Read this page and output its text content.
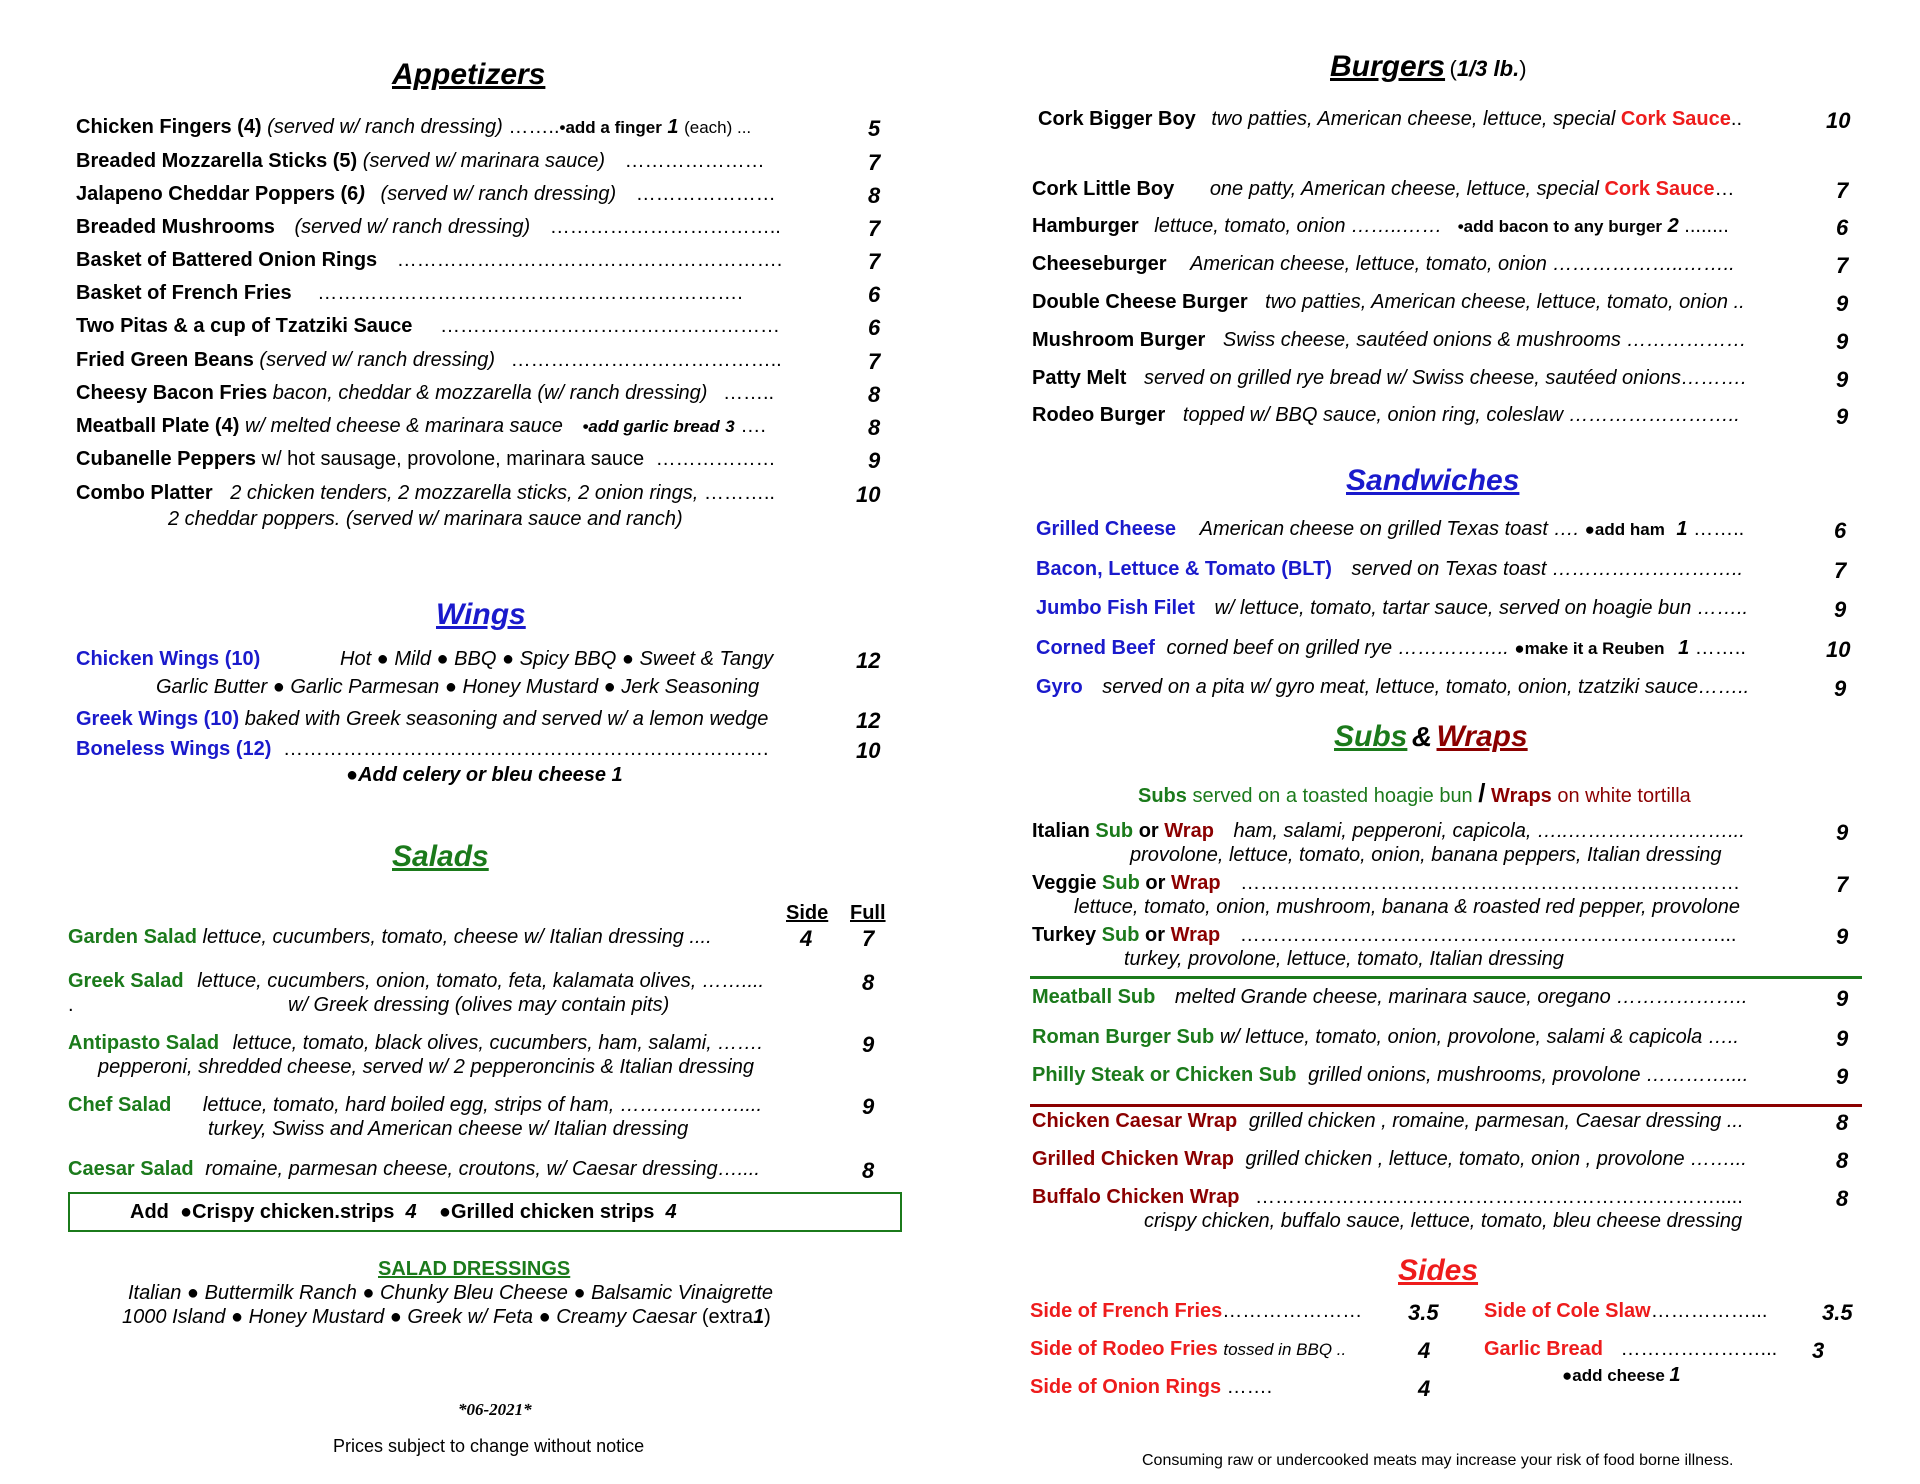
Appetizers
Chicken Fingers (4) (served w/ ranch dressing) ……..•add a finger 1 (each) ...	5
Breaded Mozzarella Sticks (5) (served w/ marinara sauce) …………………	7
Jalapeno Cheddar Poppers (6) (served w/ ranch dressing) …………………	8
Breaded Mushrooms (served w/ ranch dressing) ……………………………..	7
Basket of Battered Onion Rings ………………………………………………….	7
Basket of French Fries ……………………………………………………….	6
Two Pitas & a cup of Tzatziki Sauce ……………………………………………	6
Fried Green Beans (served w/ ranch dressing) …………………………………..	7
Cheesy Bacon Fries bacon, cheddar & mozzarella (w/ ranch dressing) ……..	8
Meatball Plate (4) w/ melted cheese & marinara sauce •add garlic bread 3 ….	8
Cubanelle Peppers w/ hot sausage, provolone, marinara sauce ………………	9
Combo Platter 2 chicken tenders, 2 mozzarella sticks, 2 onion rings, ………..	10
2 cheddar poppers. (served w/ marinara sauce and ranch)
Wings
Chicken Wings (10)	Hot ● Mild ● BBQ ● Spicy BBQ ● Sweet & Tangy	12
Garlic Butter ● Garlic Parmesan ● Honey Mustard ● Jerk Seasoning
Greek Wings (10) baked with Greek seasoning and served w/ a lemon wedge	12
Boneless Wings (12) ……………………………………………………………….	10
●Add celery or bleu cheese 1
Salads
Side Full
Garden Salad lettuce, cucumbers, tomato, cheese w/ Italian dressing ....	4 7
Greek Salad lettuce, cucumbers, onion, tomato, feta, kalamata olives, ……....	8
.	w/ Greek dressing (olives may contain pits)
Antipasto Salad lettuce, tomato, black olives, cucumbers, ham, salami, …….	9
pepperoni, shredded cheese, served w/ 2 pepperoncinis & Italian dressing
Chef Salad lettuce, tomato, hard boiled egg, strips of ham, ………………....	9
turkey, Swiss and American cheese w/ Italian dressing
Caesar Salad romaine, parmesan cheese, croutons, w/ Caesar dressing…....	8
Add ●Crispy chicken.strips 4 ●Grilled chicken strips 4
SALAD DRESSINGS
Italian ● Buttermilk Ranch ● Chunky Bleu Cheese ● Balsamic Vinaigrette
1000 Island ● Honey Mustard ● Greek w/ Feta ● Creamy Caesar (extra1)
*06-2021*
Prices subject to change without notice
Burgers (1/3 lb.)
Cork Bigger Boy two patties, American cheese, lettuce, special Cork Sauce..	10
Cork Little Boy one patty, American cheese, lettuce, special Cork Sauce…	7
Hamburger lettuce, tomato, onion ……..…… •add bacon to any burger 2 ........	6
Cheeseburger American cheese, lettuce, tomato, onion ………………..……..	7
Double Cheese Burger two patties, American cheese, lettuce, tomato, onion ..	9
Mushroom Burger Swiss cheese, sautéed onions & mushrooms ………………	9
Patty Melt served on grilled rye bread w/ Swiss cheese, sautéed onions……….	9
Rodeo Burger topped w/ BBQ sauce, onion ring, coleslaw ……………………..	9
Sandwiches
Grilled Cheese American cheese on grilled Texas toast …. ●add ham 1 ……..	6
Bacon, Lettuce & Tomato (BLT) served on Texas toast ………………………..	7
Jumbo Fish Filet w/ lettuce, tomato, tartar sauce, served on hoagie bun ……..	9
Corned Beef corned beef on grilled rye …………….. ●make it a Reuben 1 ……..	10
Gyro served on a pita w/ gyro meat, lettuce, tomato, onion, tzatziki sauce……..	9
Subs & Wraps
Subs served on a toasted hoagie bun / Wraps on white tortilla
Italian Sub or Wrap ham, salami, pepperoni, capicola, …..……………………...	9
provolone, lettuce, tomato, onion, banana peppers, Italian dressing
Veggie Sub or Wrap …………………………………………………………………	7
lettuce, tomato, onion, mushroom, banana & roasted red pepper, provolone
Turkey Sub or Wrap ………………………………………………………………...	9
turkey, provolone, lettuce, tomato, Italian dressing
Meatball Sub melted Grande cheese, marinara sauce, oregano ………………..	9
Roman Burger Sub w/ lettuce, tomato, onion, provolone, salami & capicola …..	9
Philly Steak or Chicken Sub grilled onions, mushrooms, provolone …………....	9
Chicken Caesar Wrap grilled chicken , romaine, parmesan, Caesar dressing ...	8
Grilled Chicken Wrap grilled chicken , lettuce, tomato, onion , provolone ……...	8
Buffalo Chicken Wrap …………………………………………………………….....	8
crispy chicken, buffalo sauce, lettuce, tomato, bleu cheese dressing
Sides
Side of French Fries………………… 3.5 Side of Cole Slaw……………... 3.5
Side of Rodeo Fries tossed in BBQ ..	4	Garlic Bread …………………... 3
●add cheese 1
Side of Onion Rings …….	4
Consuming raw or undercooked meats may increase your risk of food borne illness.
